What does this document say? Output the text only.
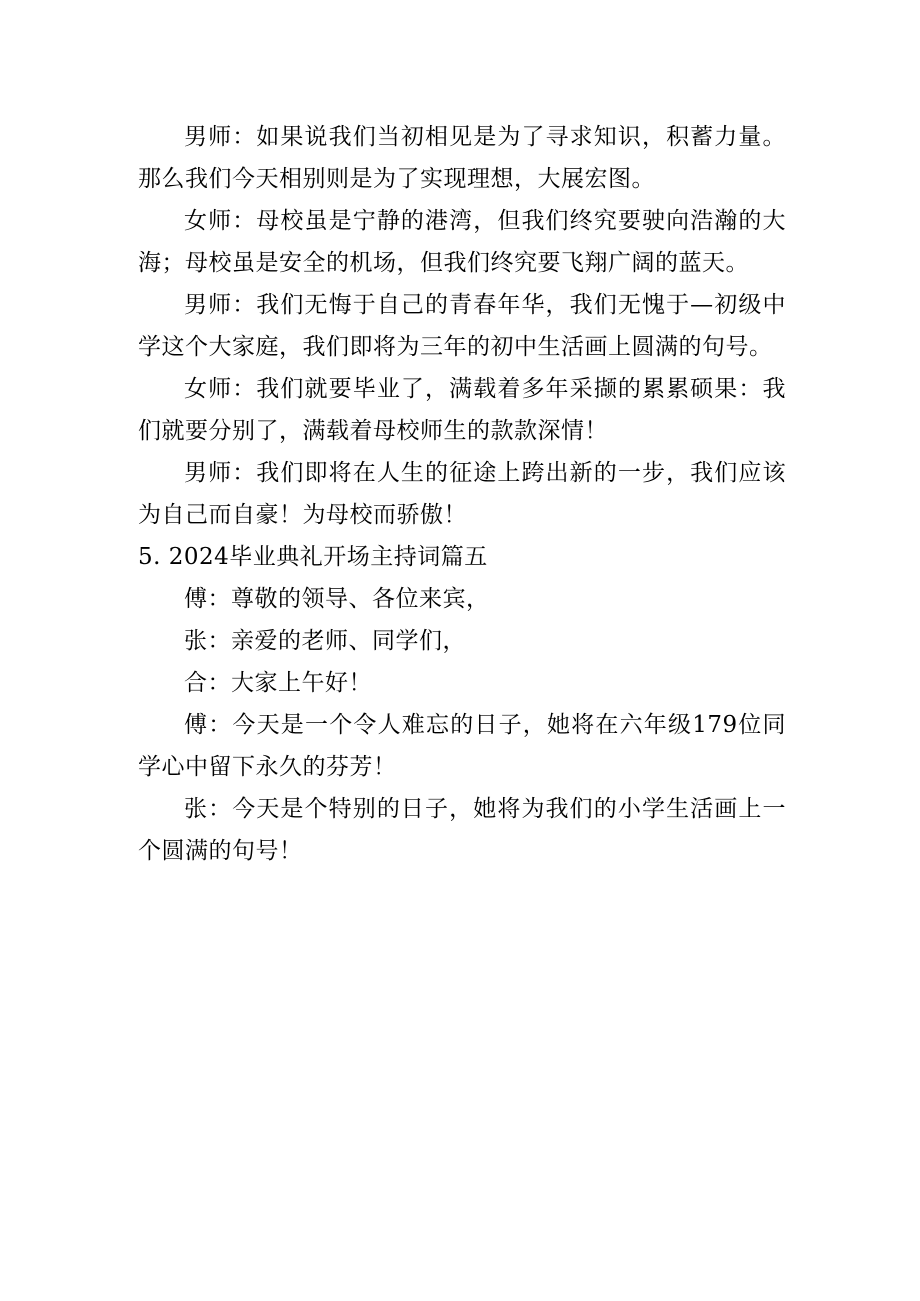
男师：如果说我们当初相见是为了寻求知识，积蓄力量。那么我们今天相别则是为了实现理想，大展宏图。

女师：母校虽是宁静的港湾，但我们终究要驶向浩瀚的大海；母校虽是安全的机场，但我们终究要飞翔广阔的蓝天。

男师：我们无悔于自己的青春年华，我们无愧于—初级中学这个大家庭，我们即将为三年的初中生活画上圆满的句号。

女师：我们就要毕业了，满载着多年采撷的累累硕果：我们就要分别了，满载着母校师生的款款深情！

男师：我们即将在人生的征途上跨出新的一步，我们应该为自己而自豪！为母校而骄傲！

5. 2024毕业典礼开场主持词篇五

傅：尊敬的领导、各位来宾，

张：亲爱的老师、同学们，

合：大家上午好！

傅：今天是一个令人难忘的日子，她将在六年级179位同学心中留下永久的芬芳！

张：今天是个特别的日子，她将为我们的小学生活画上一个圆满的句号！
